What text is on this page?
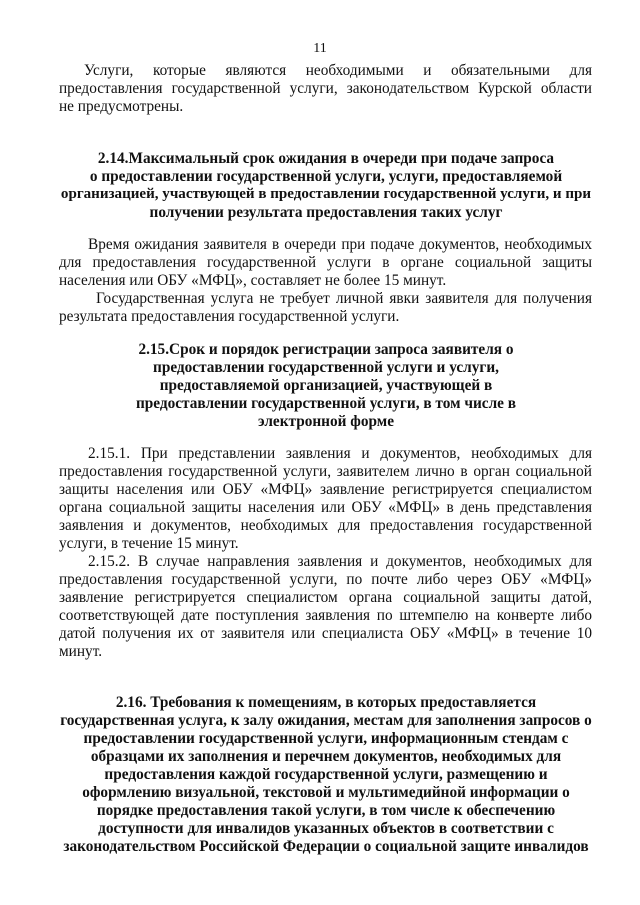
11
Услуги, которые являются необходимыми и обязательными для
предоставления государственной услуги, законодательством Курской области
не предусмотрены.
2.14.Максимальный срок ожидания в очереди при подаче запроса
о предоставлении государственной услуги, услуги, предоставляемой
организацией, участвующей в предоставлении государственной услуги, и при
получении результата предоставления таких услуг
Время ожидания заявителя в очереди при подаче документов, необходимых
для предоставления государственной услуги в органе социальной защиты
населения или ОБУ «МФЦ», составляет не более 15 минут.
Государственная услуга не требует личной явки заявителя для получения
результата предоставления государственной услуги.
2.15.Срок и порядок регистрации запроса заявителя о
предоставлении государственной услуги и услуги,
предоставляемой организацией, участвующей в
предоставлении государственной услуги, в том числе в
электронной форме
2.15.1. При представлении заявления и документов, необходимых для
предоставления государственной услуги, заявителем лично в орган социальной
защиты населения или ОБУ «МФЦ» заявление регистрируется специалистом
органа социальной защиты населения или ОБУ «МФЦ» в день представления
заявления и документов, необходимых для предоставления государственной
услуги, в течение 15 минут.
2.15.2. В случае направления заявления и документов, необходимых для
предоставления государственной услуги, по почте либо через ОБУ «МФЦ»
заявление регистрируется специалистом органа социальной защиты датой,
соответствующей дате поступления заявления по штемпелю на конверте либо
датой получения их от заявителя или специалиста ОБУ «МФЦ» в течение 10
минут.
2.16. Требования к помещениям, в которых предоставляется
государственная услуга, к залу ожидания, местам для заполнения запросов о
предоставлении государственной услуги, информационным стендам с
образцами их заполнения и перечнем документов, необходимых для
предоставления каждой государственной услуги, размещению и
оформлению визуальной, текстовой и мультимедийной информации о
порядке предоставления такой услуги, в том числе к обеспечению
доступности для инвалидов указанных объектов в соответствии с
законодательством Российской Федерации о социальной защите инвалидов
